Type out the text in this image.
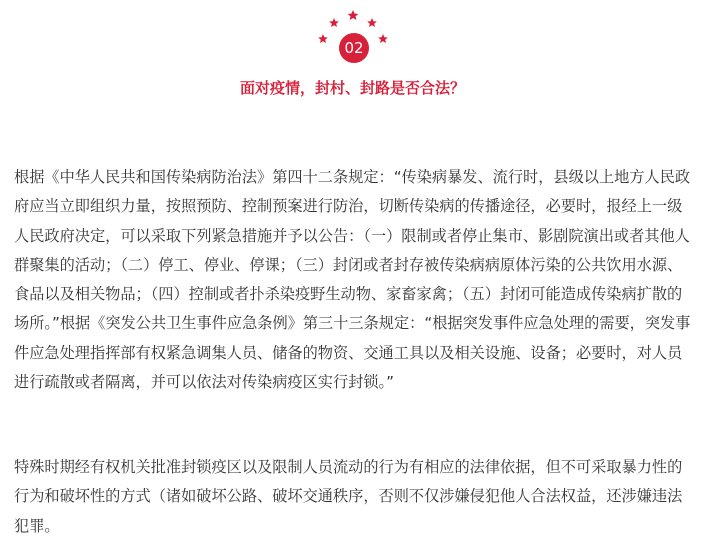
02
面对疫情，封村、封路是否合法？

根据《中华人民共和国传染病防治法》第四十二条规定：“传染病暴发、流行时，县级以上地方人民政府应当立即组织力量，按照预防、控制预案进行防治，切断传染病的传播途径，必要时，报经上一级人民政府决定，可以采取下列紧急措施并予以公告：（一）限制或者停止集市、影剧院演出或者其他人群聚集的活动；（二）停工、停业、停课；（三）封闭或者封存被传染病病原体污染的公共饮用水源、食品以及相关物品；（四）控制或者扑杀染疫野生动物、家畜家禽；（五）封闭可能造成传染病扩散的场所。”根据《突发公共卫生事件应急条例》第三十三条规定：“根据突发事件应急处理的需要，突发事件应急处理指挥部有权紧急调集人员、储备的物资、交通工具以及相关设施、设备；必要时，对人员进行疏散或者隔离，并可以依法对传染病疫区实行封锁。”

特殊时期经有权机关批准封锁疫区以及限制人员流动的行为有相应的法律依据，但不可采取暴力性的行为和破坏性的方式（诸如破坏公路、破坏交通秩序，否则不仅涉嫌侵犯他人合法权益，还涉嫌违法犯罪。
